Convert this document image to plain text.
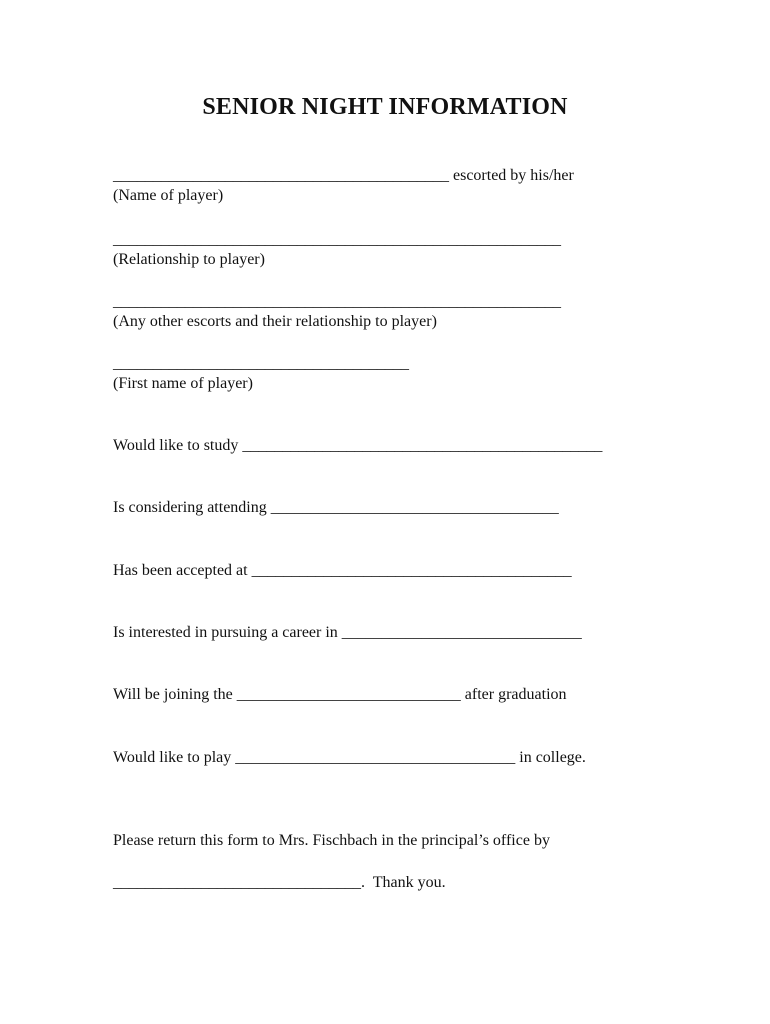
SENIOR NIGHT INFORMATION
__________________________________________ escorted by his/her
(Name of player)
________________________________________________________
(Relationship to player)
________________________________________________________
(Any other escorts and their relationship to player)
_____________________________________
(First name of player)
Would like to study _____________________________________________
Is considering attending ____________________________________
Has been accepted at ________________________________________
Is interested in pursuing a career in ______________________________
Will be joining the ____________________________ after graduation
Would like to play ___________________________________ in college.
Please return this form to Mrs. Fischbach in the principal’s office by
_______________________________.  Thank you.
